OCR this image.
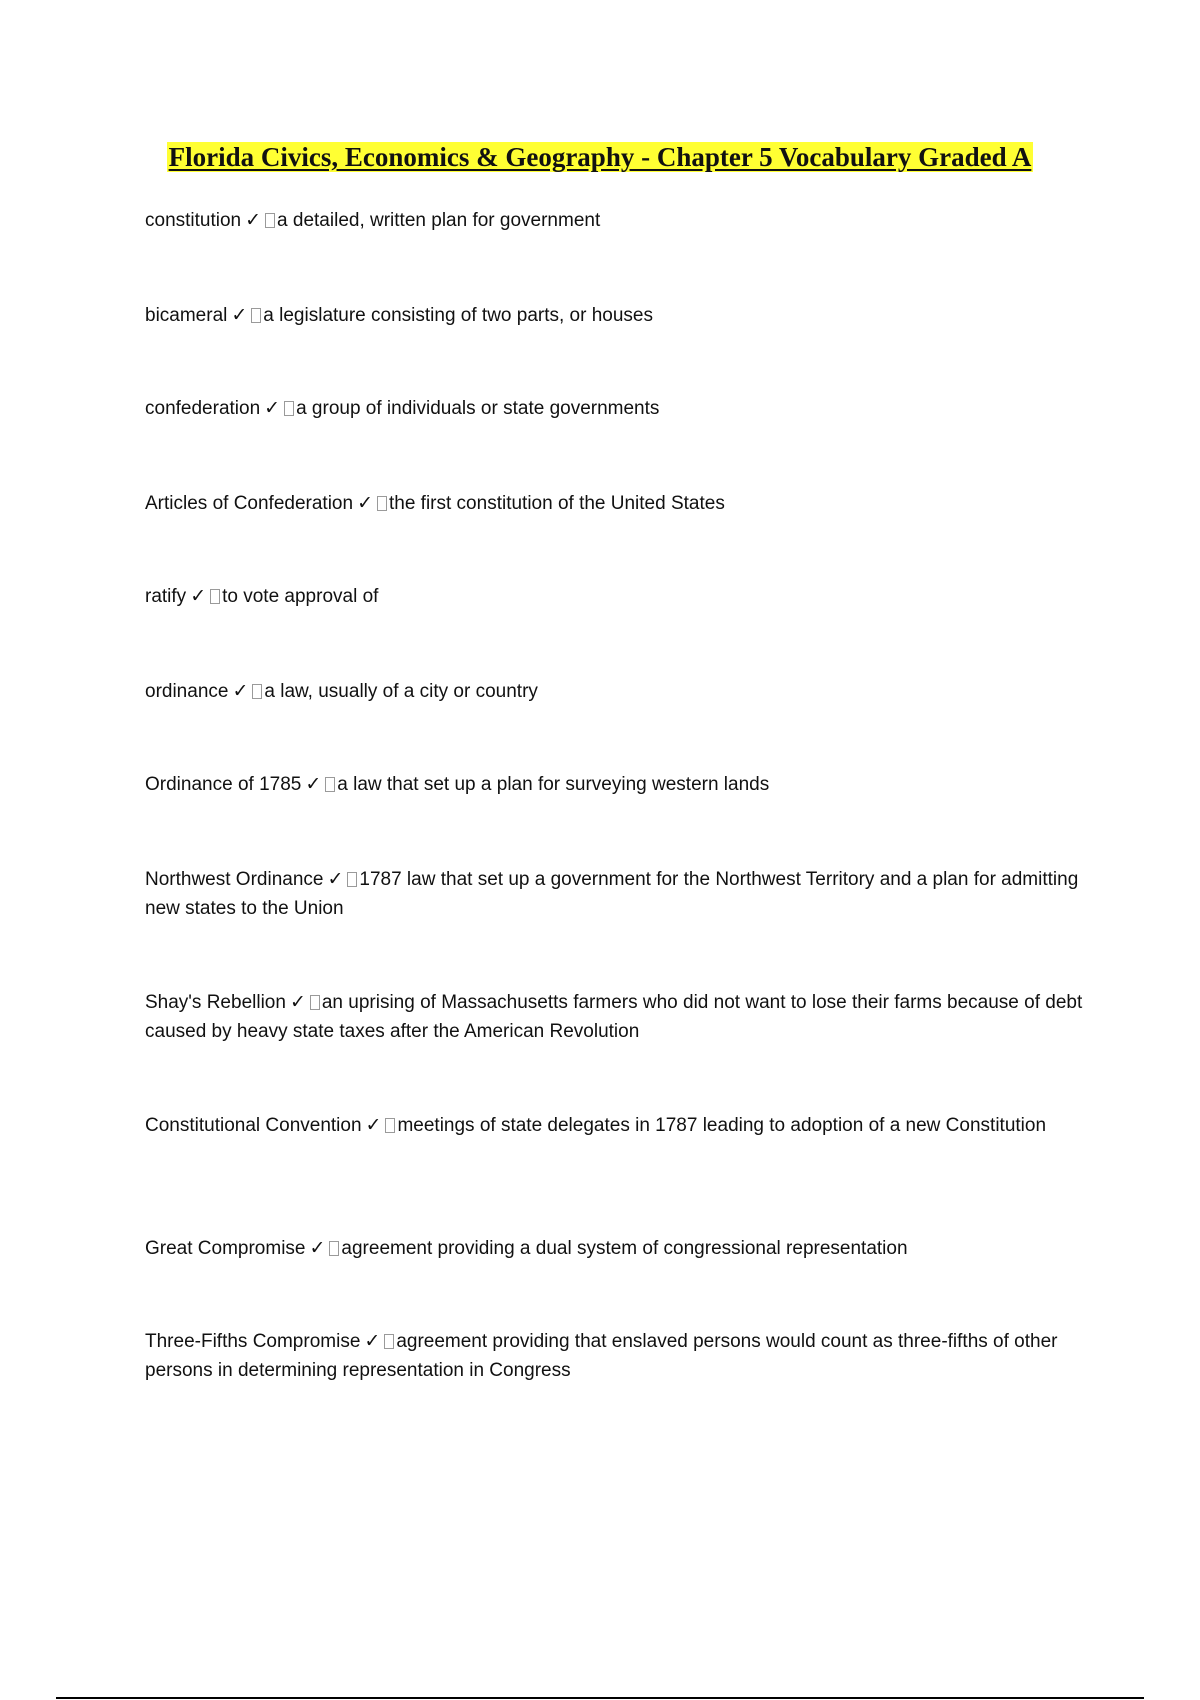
Florida Civics, Economics & Geography - Chapter 5 Vocabulary Graded A
constitution ✓ a detailed, written plan for government
bicameral ✓ a legislature consisting of two parts, or houses
confederation ✓ a group of individuals or state governments
Articles of Confederation ✓ the first constitution of the United States
ratify ✓ to vote approval of
ordinance ✓ a law, usually of a city or country
Ordinance of 1785 ✓ a law that set up a plan for surveying western lands
Northwest Ordinance ✓ 1787 law that set up a government for the Northwest Territory and a plan for admitting new states to the Union
Shay's Rebellion ✓ an uprising of Massachusetts farmers who did not want to lose their farms because of debt caused by heavy state taxes after the American Revolution
Constitutional Convention ✓ meetings of state delegates in 1787 leading to adoption of a new Constitution
Great Compromise ✓ agreement providing a dual system of congressional representation
Three-Fifths Compromise ✓ agreement providing that enslaved persons would count as three-fifths of other persons in determining representation in Congress
